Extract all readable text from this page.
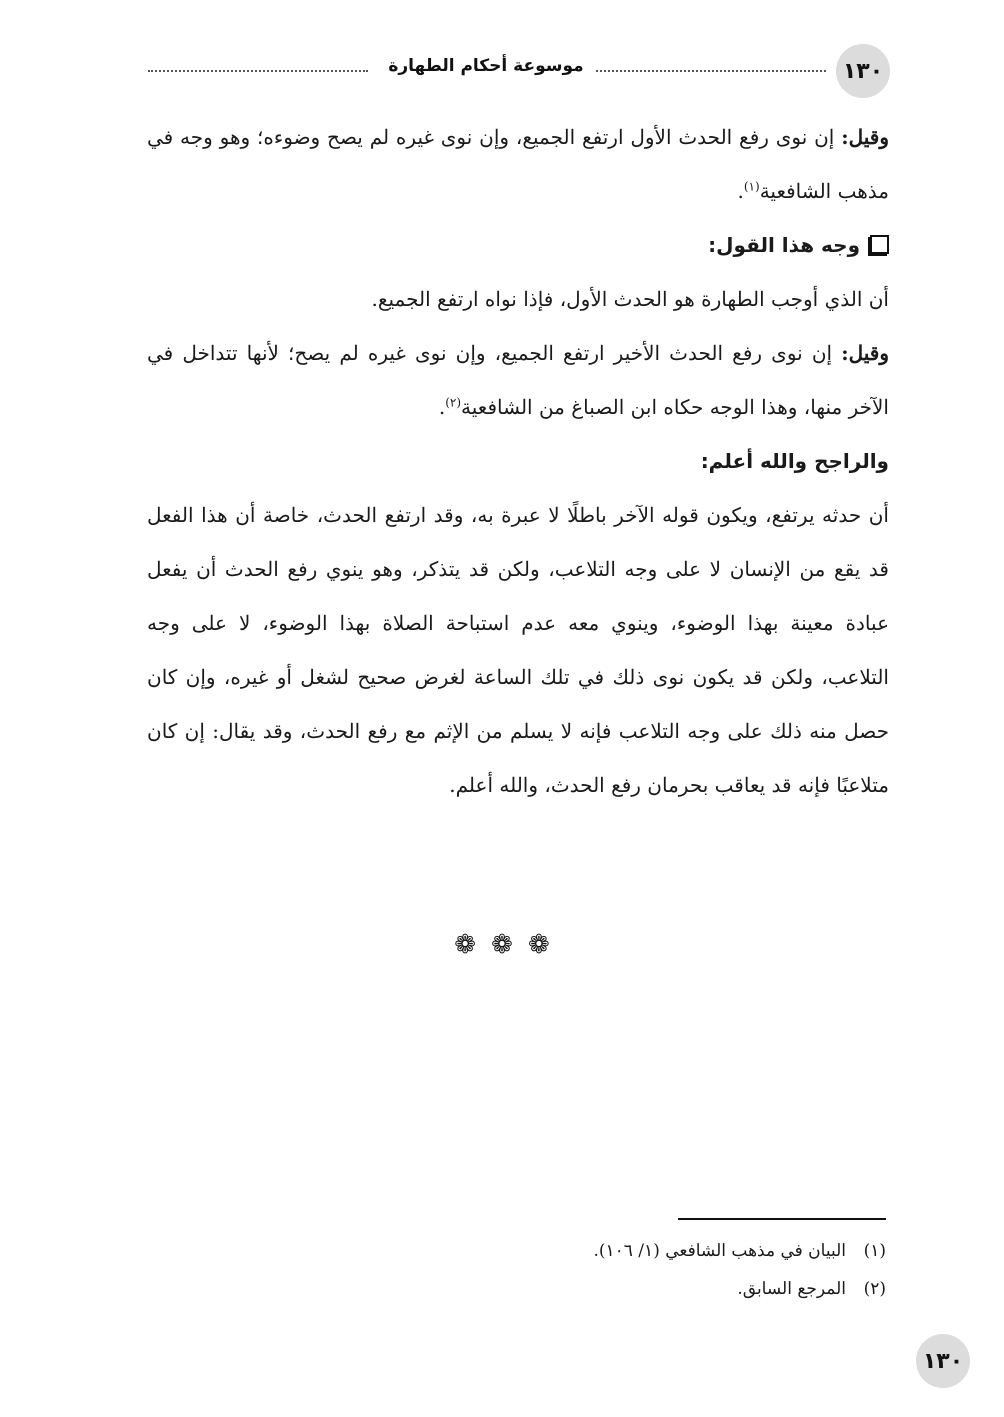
١٣٠
موسوعة أحكام الطهارة

وقيل: إن نوى رفع الحدث الأول ارتفع الجميع، وإن نوى غيره لم يصح وضوءه؛ وهو وجه في مذهب الشافعية$^{(١)}$.

وجه هذا القول:

أن الذي أوجب الطهارة هو الحدث الأول، فإذا نواه ارتفع الجميع.

وقيل: إن نوى رفع الحدث الأخير ارتفع الجميع، وإن نوى غيره لم يصح؛ لأنها تتداخل في الآخر منها، وهذا الوجه حكاه ابن الصباغ من الشافعية$^{(٢)}$.

والراجح والله أعلم:

أن حدثه يرتفع، ويكون قوله الآخر باطلًا لا عبرة به، وقد ارتفع الحدث، خاصة أن هذا الفعل قد يقع من الإنسان لا على وجه التلاعب، ولكن قد يتذكر، وهو ينوي رفع الحدث أن يفعل عبادة معينة بهذا الوضوء، وينوي معه عدم استباحة الصلاة بهذا الوضوء، لا على وجه التلاعب، ولكن قد يكون نوى ذلك في تلك الساعة لغرض صحيح لشغل أو غيره، وإن كان حصل منه ذلك على وجه التلاعب فإنه لا يسلم من الإثم مع رفع الحدث، وقد يقال: إن كان متلاعبًا فإنه قد يعاقب بحرمان رفع الحدث، والله أعلم.

❁ ❁ ❁

(١)البيان في مذهب الشافعي (١/ ١٠٦).

(٢)المرجع السابق.

١٣٠
